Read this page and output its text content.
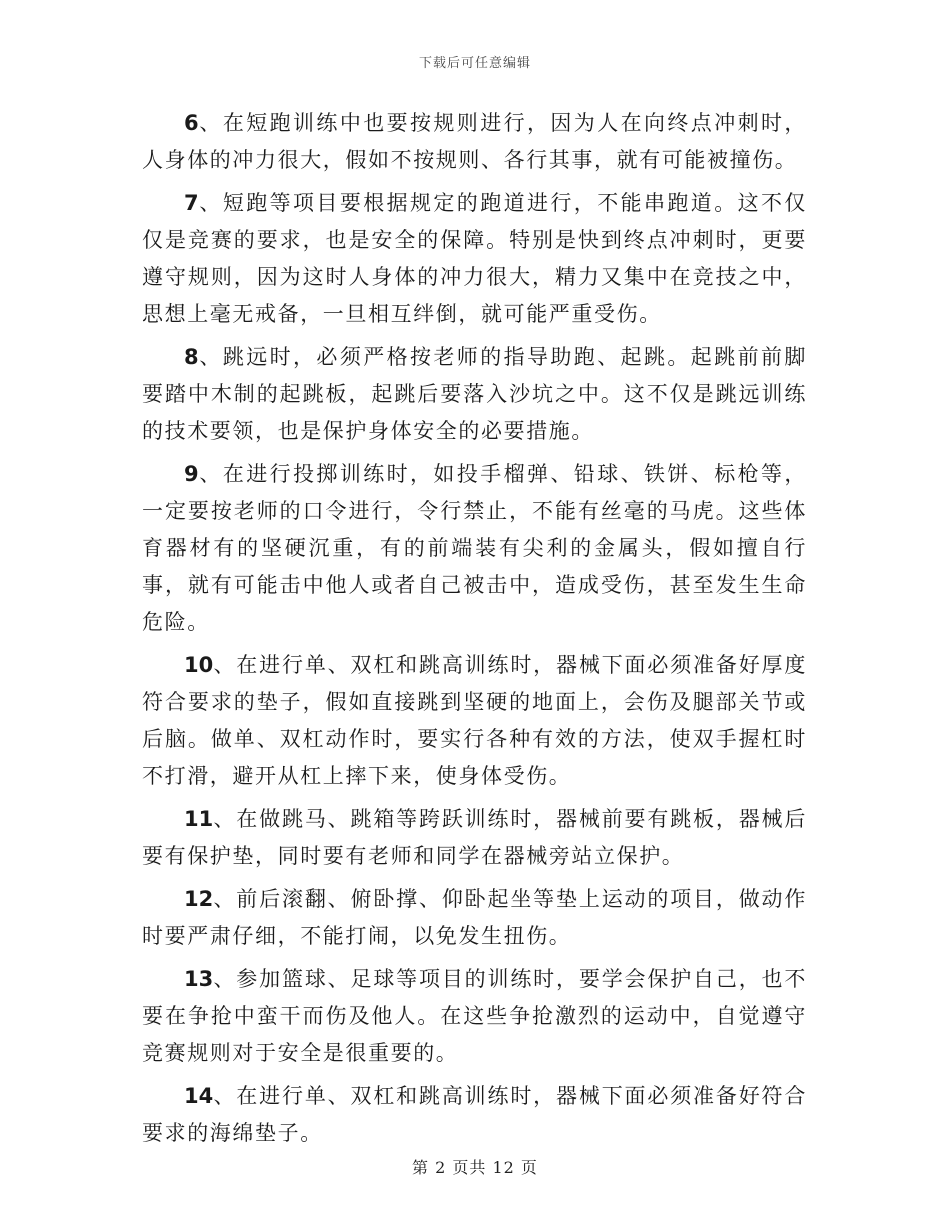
下载后可任意编辑

6、在短跑训练中也要按规则进行，因为人在向终点冲刺时，人身体的冲力很大，假如不按规则、各行其事，就有可能被撞伤。

7、短跑等项目要根据规定的跑道进行，不能串跑道。这不仅仅是竞赛的要求，也是安全的保障。特别是快到终点冲刺时，更要遵守规则，因为这时人身体的冲力很大，精力又集中在竞技之中，思想上毫无戒备，一旦相互绊倒，就可能严重受伤。

8、跳远时，必须严格按老师的指导助跑、起跳。起跳前前脚要踏中木制的起跳板，起跳后要落入沙坑之中。这不仅是跳远训练的技术要领，也是保护身体安全的必要措施。

9、在进行投掷训练时，如投手榴弹、铅球、铁饼、标枪等，一定要按老师的口令进行，令行禁止，不能有丝毫的马虎。这些体育器材有的坚硬沉重，有的前端装有尖利的金属头，假如擅自行事，就有可能击中他人或者自己被击中，造成受伤，甚至发生生命危险。

10、在进行单、双杠和跳高训练时，器械下面必须准备好厚度符合要求的垫子，假如直接跳到坚硬的地面上，会伤及腿部关节或后脑。做单、双杠动作时，要实行各种有效的方法，使双手握杠时不打滑，避开从杠上摔下来，使身体受伤。

11、在做跳马、跳箱等跨跃训练时，器械前要有跳板，器械后要有保护垫，同时要有老师和同学在器械旁站立保护。

12、前后滚翻、俯卧撑、仰卧起坐等垫上运动的项目，做动作时要严肃仔细，不能打闹，以免发生扭伤。

13、参加篮球、足球等项目的训练时，要学会保护自己，也不要在争抢中蛮干而伤及他人。在这些争抢激烈的运动中，自觉遵守竞赛规则对于安全是很重要的。

14、在进行单、双杠和跳高训练时，器械下面必须准备好符合要求的海绵垫子。

第 2 页共 12 页
